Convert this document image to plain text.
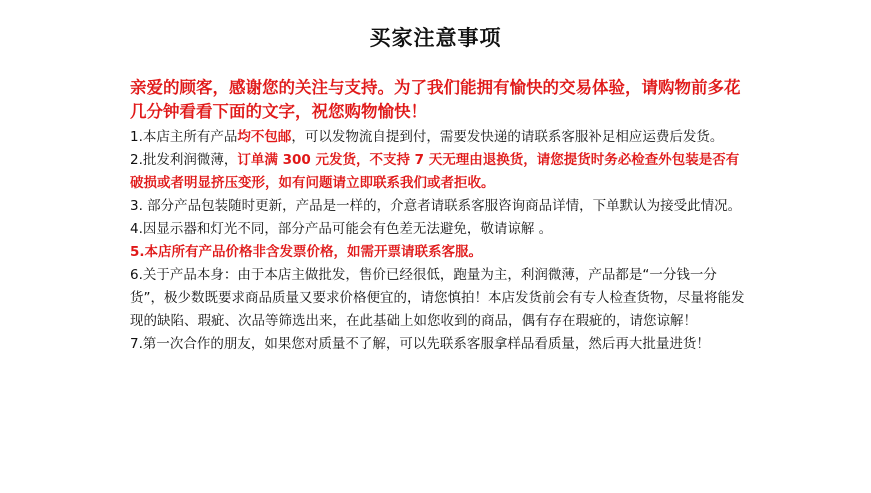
买家注意事项

亲爱的顾客，感谢您的关注与支持。为了我们能拥有愉快的交易体验，请购物前多花几分钟看看下面的文字，祝您购物愉快！

1.本店主所有产品均不包邮，可以发物流自提到付，需要发快递的请联系客服补足相应运费后发货。

2.批发利润微薄，订单满 300 元发货，不支持 7 天无理由退换货，请您提货时务必检查外包装是否有破损或者明显挤压变形，如有问题请立即联系我们或者拒收。

3. 部分产品包装随时更新，产品是一样的，介意者请联系客服咨询商品详情，下单默认为接受此情况。

4.因显示器和灯光不同，部分产品可能会有色差无法避免，敬请谅解 。

5.本店所有产品价格非含发票价格，如需开票请联系客服。

6.关于产品本身：由于本店主做批发，售价已经很低，跑量为主，利润微薄，产品都是“一分钱一分货”，极少数既要求商品质量又要求价格便宜的，请您慎拍！本店发货前会有专人检查货物，尽量将能发现的缺陷、瑕疵、次品等筛选出来，在此基础上如您收到的商品，偶有存在瑕疵的，请您谅解！

7.第一次合作的朋友，如果您对质量不了解，可以先联系客服拿样品看质量，然后再大批量进货！
